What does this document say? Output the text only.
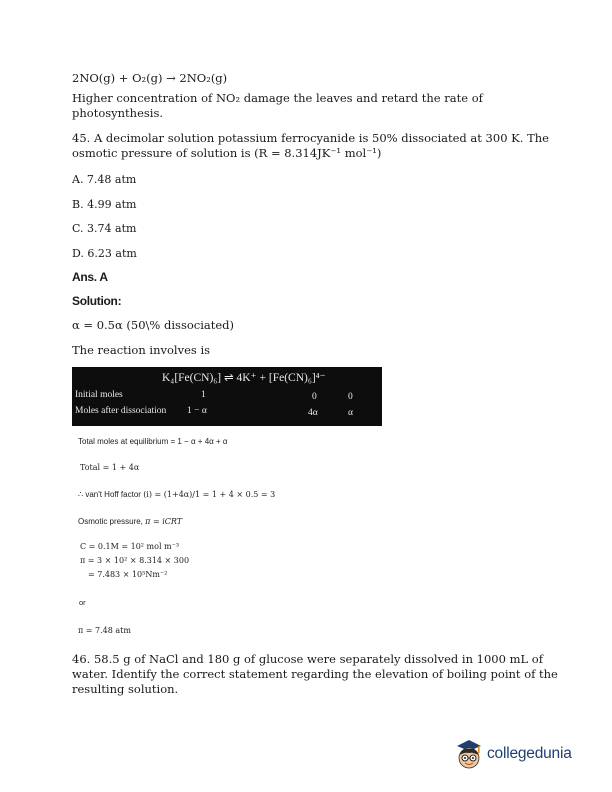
2NO(g) + O₂(g) → 2NO₂(g)
Higher concentration of NO₂ damage the leaves and retard the rate of
photosynthesis.
45. A decimolar solution potassium ferrocyanide is 50% dissociated at 300 K. The
osmotic pressure of solution is (R = 8.314JK⁻¹ mol⁻¹)
A. 7.48 atm
B. 4.99 atm
C. 3.74 atm
D. 6.23 atm
Ans. A
Solution:
α = 0.5α (50\% dissociated)
The reaction involves is
K₄[Fe(CN)₆] ⇌ 4K⁺ + [Fe(CN)₆]⁴⁻
Initial moles	1	0	0
Moles after dissociation 1 − α	4α	α
Total moles at equilibrium = 1 − α + 4α + α
Total = 1 + 4α
∴ van't Hoff factor (i) = (1+4α)/1 = 1 + 4 × 0.5 = 3
Osmotic pressure, π = iCRT
C = 0.1M = 10² mol m⁻³
π = 3 × 10² × 8.314 × 300
= 7.483 × 10⁵Nm⁻²
or
π = 7.48 atm
46. 58.5 g of NaCl and 180 g of glucose were separately dissolved in 1000 mL of
water. Identify the correct statement regarding the elevation of boiling point of the
resulting solution.
collegedunia
